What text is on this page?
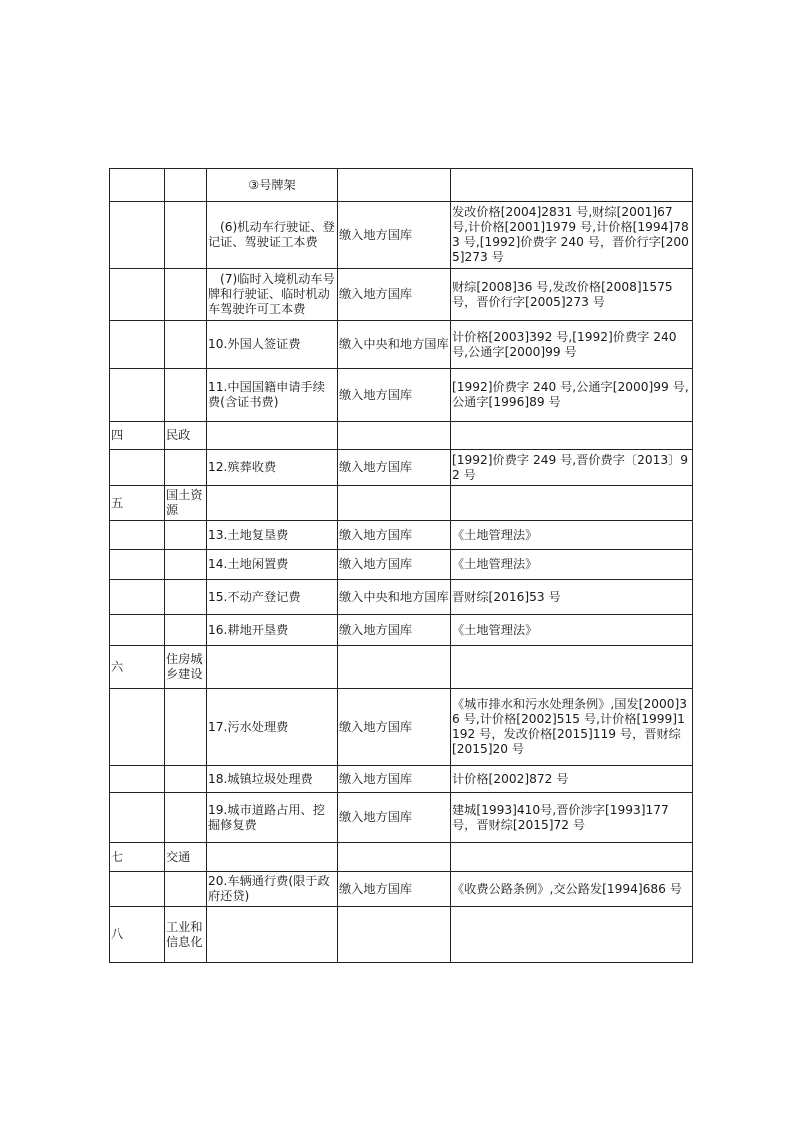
		③号牌架		
		(6)机动车行驶证、登记证、驾驶证工本费	缴入地方国库	发改价格[2004]2831 号,财综[2001]67 号,计价格[2001]1979 号,计价格[1994]783 号,[1992]价费字 240 号，晋价行字[2005]273 号
		(7)临时入境机动车号牌和行驶证、临时机动车驾驶许可工本费	缴入地方国库	财综[2008]36 号,发改价格[2008]1575 号，晋价行字[2005]273 号
		10.外国人签证费	缴入中央和地方国库	计价格[2003]392 号,[1992]价费字 240 号,公通字[2000]99 号
		11.中国国籍申请手续费(含证书费)	缴入地方国库	[1992]价费字 240 号,公通字[2000]99 号,公通字[1996]89 号
四	民政			
		12.殡葬收费	缴入地方国库	[1992]价费字 249 号,晋价费字〔2013〕92 号
五	国土资源			
		13.土地复垦费	缴入地方国库	《土地管理法》
		14.土地闲置费	缴入地方国库	《土地管理法》
		15.不动产登记费	缴入中央和地方国库	晋财综[2016]53 号
		16.耕地开垦费	缴入地方国库	《土地管理法》
六	住房城乡建设			
		17.污水处理费	缴入地方国库	《城市排水和污水处理条例》,国发[2000]36 号,计价格[2002]515 号,计价格[1999]1192 号，发改价格[2015]119 号，晋财综[2015]20 号
		18.城镇垃圾处理费	缴入地方国库	计价格[2002]872 号
		19.城市道路占用、挖掘修复费	缴入地方国库	建城[1993]410号,晋价涉字[1993]177号，晋财综[2015]72 号
七	交通			
		20.车辆通行费(限于政府还贷)	缴入地方国库	《收费公路条例》,交公路发[1994]686 号
八	工业和信息化			
